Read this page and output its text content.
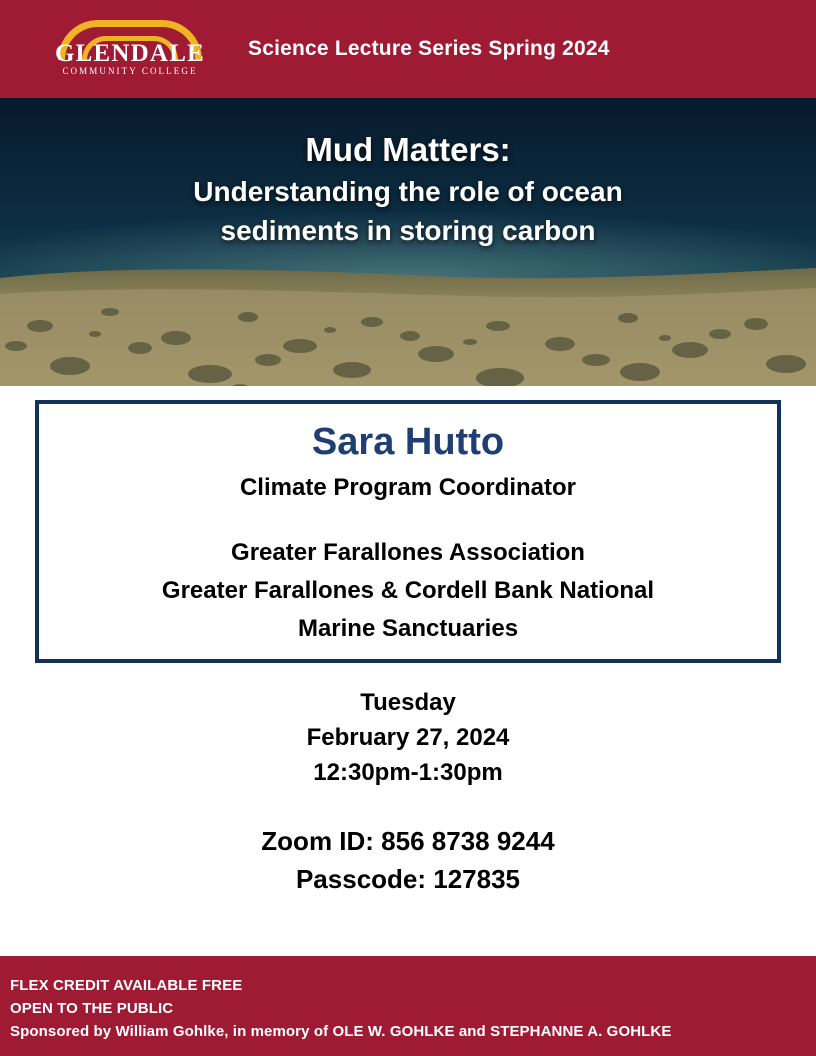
GLENDALE
COMMUNITY COLLEGE
Science Lecture Series Spring 2024
Mud Matters:
Understanding the role of ocean
sediments in storing carbon
Sara Hutto
Climate Program Coordinator
Greater Farallones Association
Greater Farallones & Cordell Bank National
Marine Sanctuaries
Tuesday
February 27, 2024
12:30pm-1:30pm
Zoom ID: 856 8738 9244
Passcode: 127835
FLEX CREDIT AVAILABLE FREE
OPEN TO THE PUBLIC
Sponsored by William Gohlke, in memory of OLE W. GOHLKE and STEPHANNE A. GOHLKE
